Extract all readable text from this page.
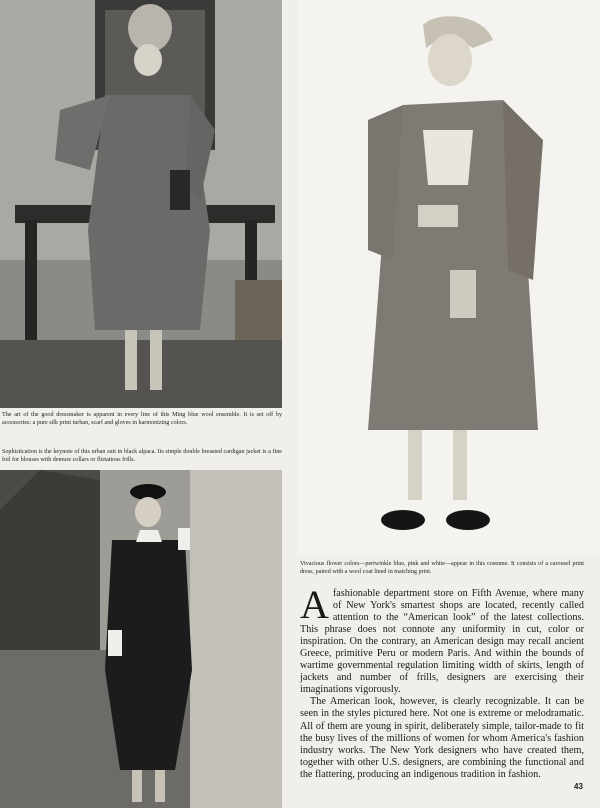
The art of the good dressmaker is apparent in every line of this Ming blue wool ensemble. It is set off by accessories: a pure silk print turban, scarf and gloves in harmonizing colors.
Sophistication is the keynote of this urban suit in black alpaca. Its simple double breasted cardigan jacket is a fine foil for blouses with demure collars or flirtatious frills.
Vivacious flower colors—periwinkle blue, pink and white—appear in this costume. It consists of a carousel print dress, paired with a wool coat lined in matching print.

Afashionable department store on Fifth Avenue, where many of New York's smartest shops are located, recently called attention to the “American look” of the latest collections. This phrase does not connote any uniformity in cut, color or inspiration. On the contrary, an American design may recall ancient Greece, primitive Peru or modern Paris. And within the bounds of wartime governmental regulation limiting width of skirts, length of jackets and number of frills, designers are exercising their imaginations vigorously.

The American look, however, is clearly recognizable. It can be seen in the styles pictured here. Not one is extreme or melodramatic. All of them are young in spirit, deliberately simple, tailor-made to fit the busy lives of the millions of women for whom America's fashion industry works. The New York designers who have created them, together with other U.S. designers, are combining the functional and the flattering, producing an indigenous tradition in fashion.

43
